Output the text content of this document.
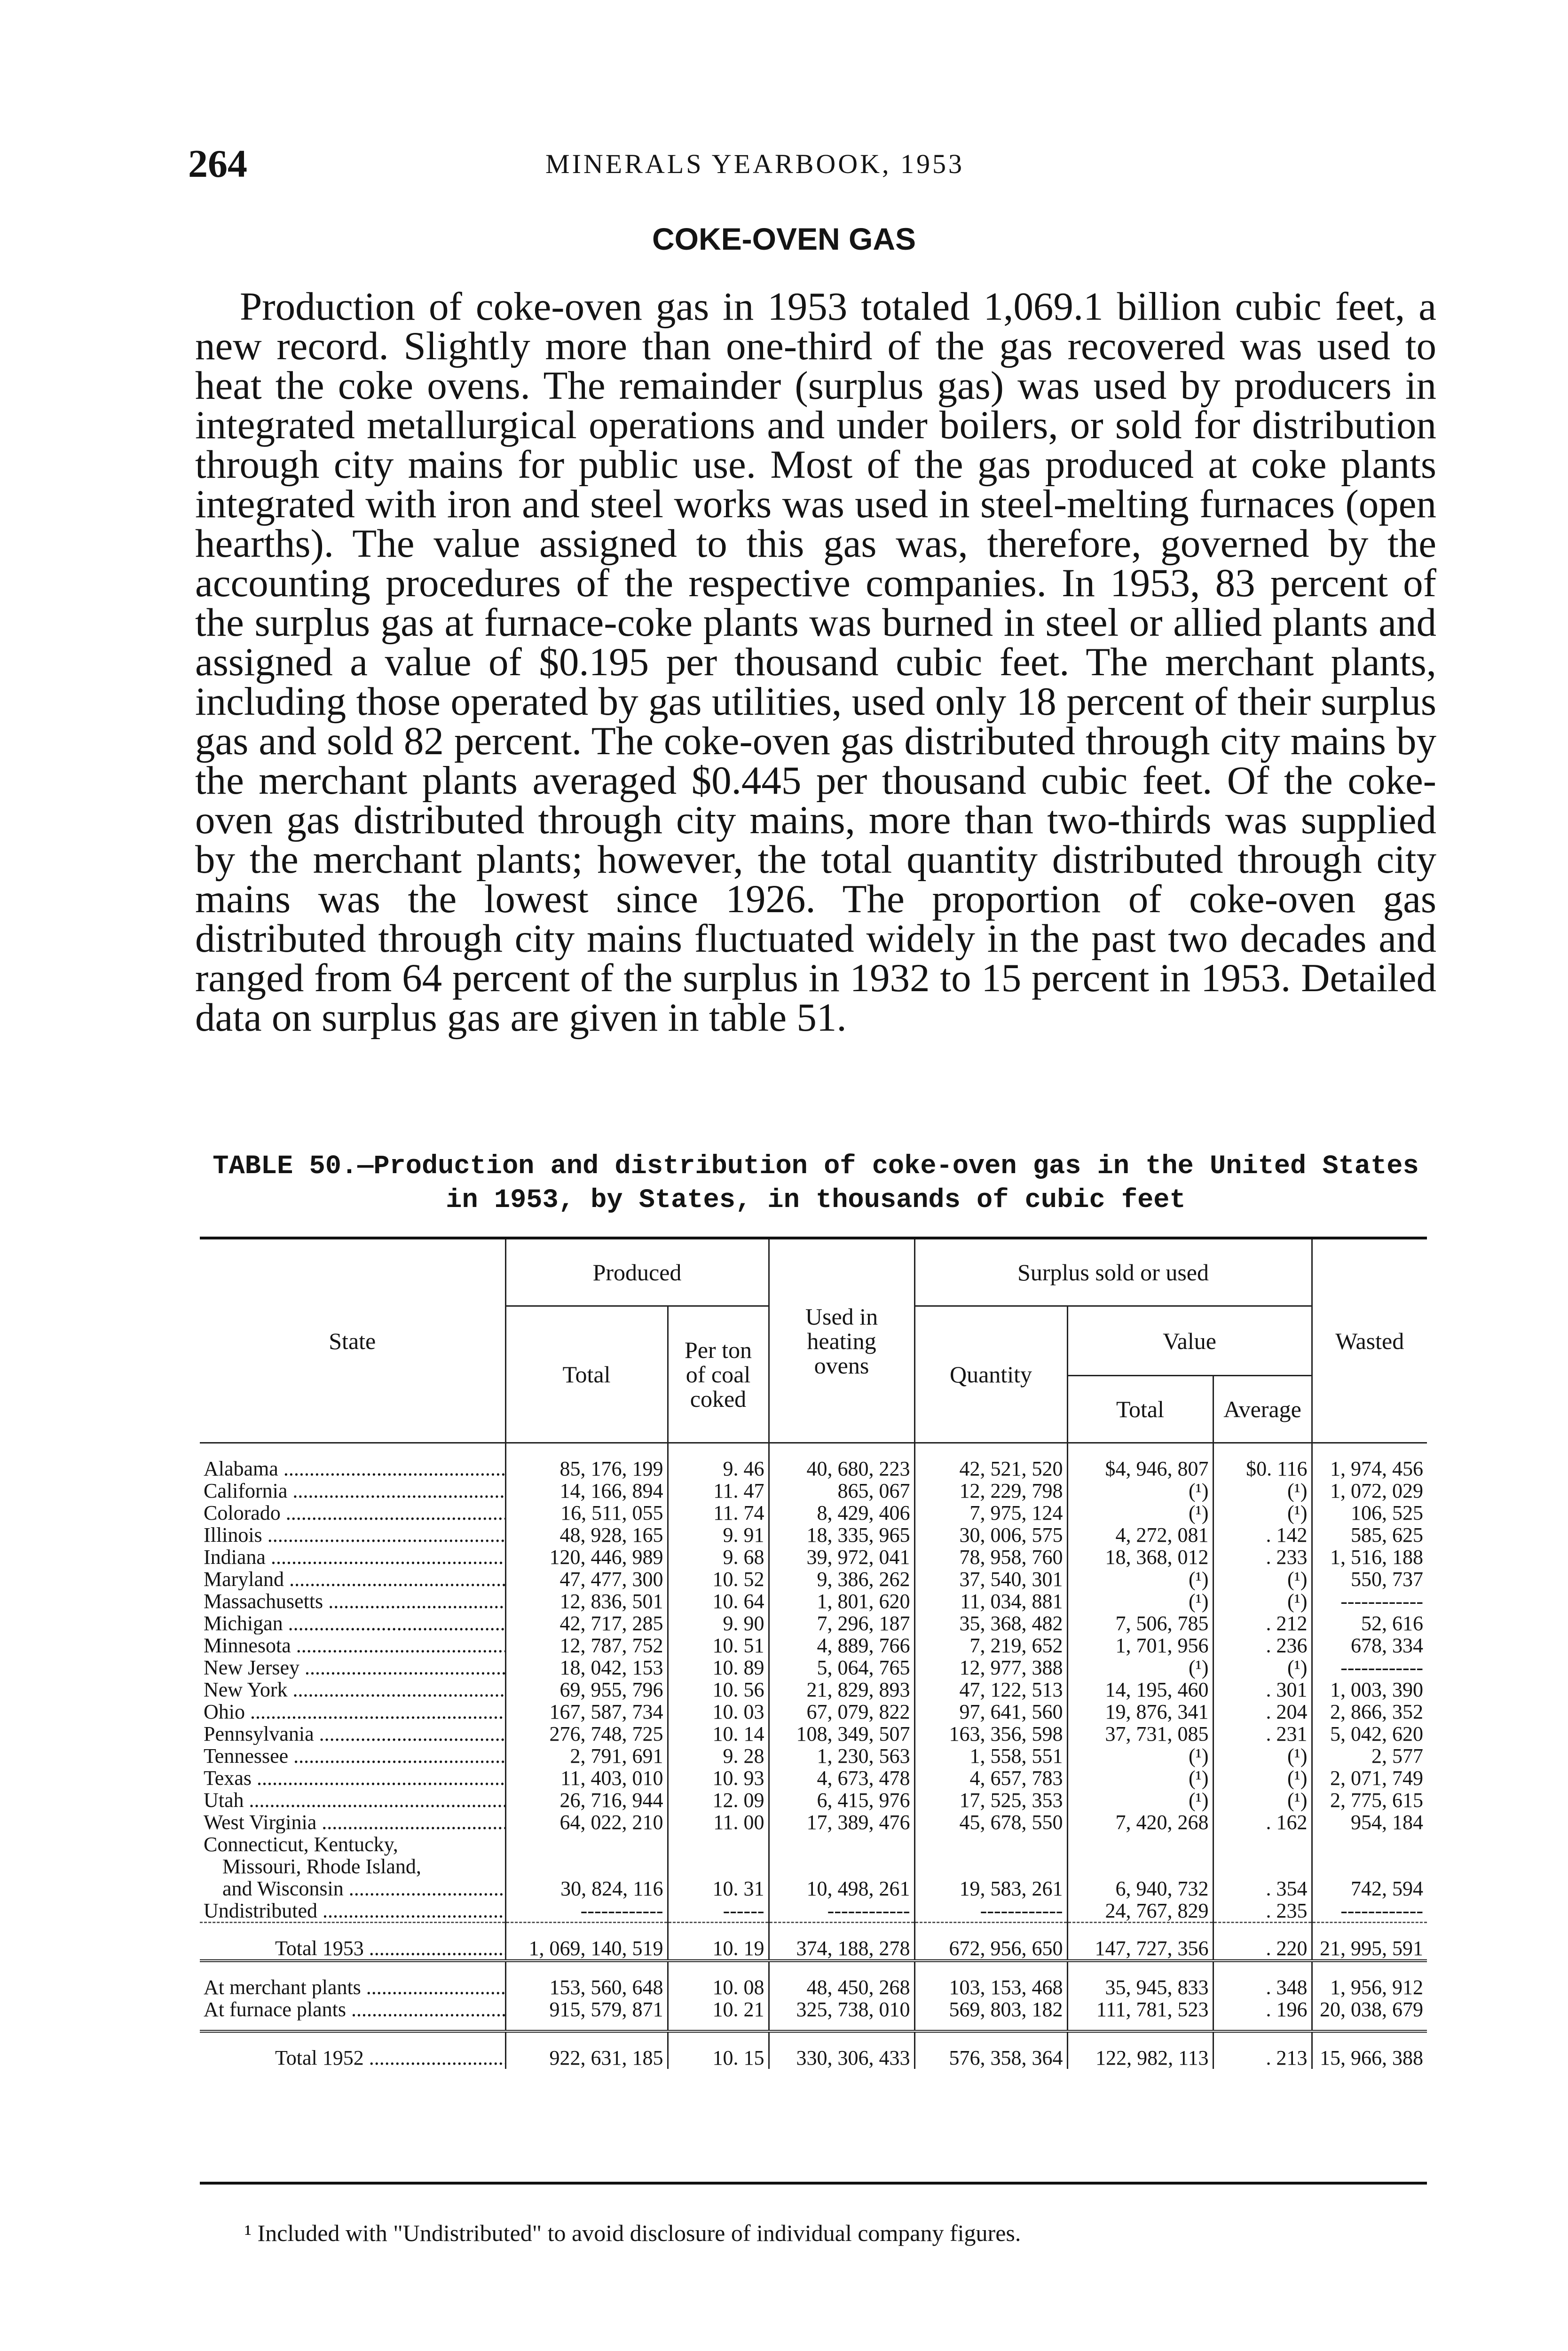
264	MINERALS YEARBOOK, 1953
COKE-OVEN GAS

Production of coke-oven gas in 1953 totaled 1,069.1 billion cubic feet, a new record. Slightly more than one-third of the gas recovered was used to heat the coke ovens. The remainder (surplus gas) was used by producers in integrated metallurgical operations and under boilers, or sold for distribution through city mains for public use. Most of the gas produced at coke plants integrated with iron and steel works was used in steel-melting furnaces (open hearths). The value assigned to this gas was, therefore, governed by the accounting procedures of the respective companies. In 1953, 83 percent of the surplus gas at furnace-coke plants was burned in steel or allied plants and assigned a value of $0.195 per thousand cubic feet. The merchant plants, including those operated by gas utilities, used only 18 percent of their surplus gas and sold 82 percent. The coke-oven gas distributed through city mains by the merchant plants averaged $0.445 per thousand cubic feet. Of the coke-oven gas distributed through city mains, more than two-thirds was supplied by the merchant plants; however, the total quantity distributed through city mains was the lowest since 1926. The proportion of coke-oven gas distributed through city mains fluctuated widely in the past two decades and ranged from 64 percent of the surplus in 1932 to 15 percent in 1953. Detailed data on surplus gas are given in table 51.

TABLE 50.—Production and distribution of coke-oven gas in the United States in 1953, by States, in thousands of cubic feet

State	Produced		Used in heating ovens	Surplus sold or used			Wasted
	Total	Per ton of coal coked		Quantity	Value		
					Total	Average	

Alabama .....	85, 176, 199	9. 46	40, 680, 223	42, 521, 520	$4, 946, 807	$0. 116	1, 974, 456
California .....	14, 166, 894	11. 47	865, 067	12, 229, 798	(¹)	(¹)	1, 072, 029
Colorado .....	16, 511, 055	11. 74	8, 429, 406	7, 975, 124	(¹)	(¹)	106, 525
Illinois .....	48, 928, 165	9. 91	18, 335, 965	30, 006, 575	4, 272, 081	. 142	585, 625
Indiana .....	120, 446, 989	9. 68	39, 972, 041	78, 958, 760	18, 368, 012	. 233	1, 516, 188
Maryland .....	47, 477, 300	10. 52	9, 386, 262	37, 540, 301	(¹)	(¹)	550, 737
Massachusetts .....	12, 836, 501	10. 64	1, 801, 620	11, 034, 881	(¹)	(¹)	------------
Michigan .....	42, 717, 285	9. 90	7, 296, 187	35, 368, 482	7, 506, 785	. 212	52, 616
Minnesota .....	12, 787, 752	10. 51	4, 889, 766	7, 219, 652	1, 701, 956	. 236	678, 334
New Jersey .....	18, 042, 153	10. 89	5, 064, 765	12, 977, 388	(¹)	(¹)	------------
New York .....	69, 955, 796	10. 56	21, 829, 893	47, 122, 513	14, 195, 460	. 301	1, 003, 390
Ohio .....	167, 587, 734	10. 03	67, 079, 822	97, 641, 560	19, 876, 341	. 204	2, 866, 352
Pennsylvania .....	276, 748, 725	10. 14	108, 349, 507	163, 356, 598	37, 731, 085	. 231	5, 042, 620
Tennessee .....	2, 791, 691	9. 28	1, 230, 563	1, 558, 551	(¹)	(¹)	2, 577
Texas .....	11, 403, 010	10. 93	4, 673, 478	4, 657, 783	(¹)	(¹)	2, 071, 749
Utah .....	26, 716, 944	12. 09	6, 415, 976	17, 525, 353	(¹)	(¹)	2, 775, 615
West Virginia .....	64, 022, 210	11. 00	17, 389, 476	45, 678, 550	7, 420, 268	. 162	954, 184

Connecticut, Kentucky,
Missouri, Rhode Island,
and Wisconsin .....	30, 824, 116	10. 31	10, 498, 261	19, 583, 261	6, 940, 732	. 354	742, 594
Undistributed .....	------------	------	------------	------------	24, 767, 829	. 235	------------

Total 1953 .....	1, 069, 140, 519	10. 19	374, 188, 278	672, 956, 650	147, 727, 356	. 220	21, 995, 591

At merchant plants .....	153, 560, 648	10. 08	48, 450, 268	103, 153, 468	35, 945, 833	. 348	1, 956, 912
At furnace plants .....	915, 579, 871	10. 21	325, 738, 010	569, 803, 182	111, 781, 523	. 196	20, 038, 679

Total 1952 .....	922, 631, 185	10. 15	330, 306, 433	576, 358, 364	122, 982, 113	. 213	15, 966, 388

¹ Included with "Undistributed" to avoid disclosure of individual company figures.
